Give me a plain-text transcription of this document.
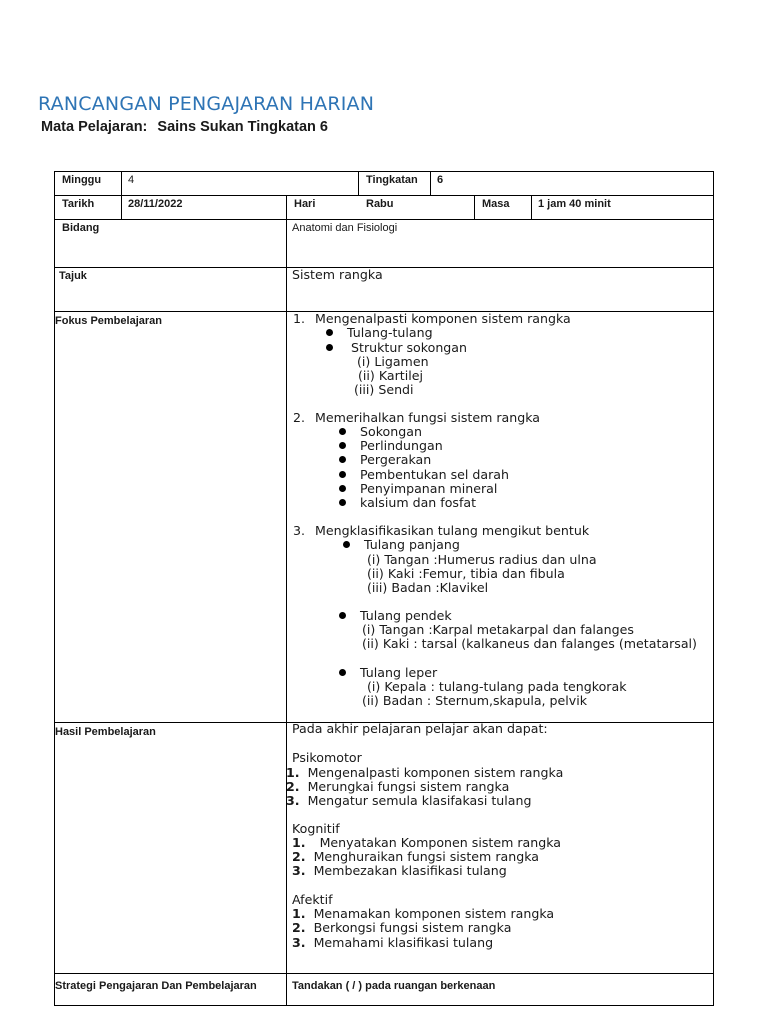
RANCANGAN PENGAJARAN HARIAN
Mata Pelajaran: Sains Sukan Tingkatan 6
Minggu 4	Tingkatan 6
Tarikh	28/11/2022	Hari	Rabu	Masa	1 jam 40 minit
Bidang	Anatomi dan Fisiologi
Tajuk	Sistem rangka
Fokus Pembelajaran	1. Mengenalpasti komponen sistem rangka
Tulang-tulang
Struktur sokongan
(i) Ligamen
(ii) Kartilej
(iii) Sendi
2. Memerihalkan fungsi sistem rangka
Sokongan
Perlindungan
Pergerakan
Pembentukan sel darah
Penyimpanan mineral
kalsium dan fosfat
3. Mengklasifikasikan tulang mengikut bentuk
Tulang panjang
(i) Tangan :Humerus radius dan ulna
(ii) Kaki :Femur, tibia dan fibula
(iii) Badan :Klavikel
Tulang pendek
(i) Tangan :Karpal metakarpal dan falanges
(ii) Kaki : tarsal (kalkaneus dan falanges (metatarsal)
Tulang leper
(i) Kepala : tulang-tulang pada tengkorak
(ii) Badan : Sternum,skapula, pelvik
Hasil Pembelajaran	Pada akhir pelajaran pelajar akan dapat:
Psikomotor
1. Mengenalpasti komponen sistem rangka
2. Merungkai fungsi sistem rangka
3. Mengatur semula klasifakasi tulang
Kognitif
1. Menyatakan Komponen sistem rangka
2. Menghuraikan fungsi sistem rangka
3. Membezakan klasifikasi tulang
Afektif
1. Menamakan komponen sistem rangka
2. Berkongsi fungsi sistem rangka
3. Memahami klasifikasi tulang
Strategi Pengajaran Dan Pembelajaran	Tandakan ( / ) pada ruangan berkenaan
